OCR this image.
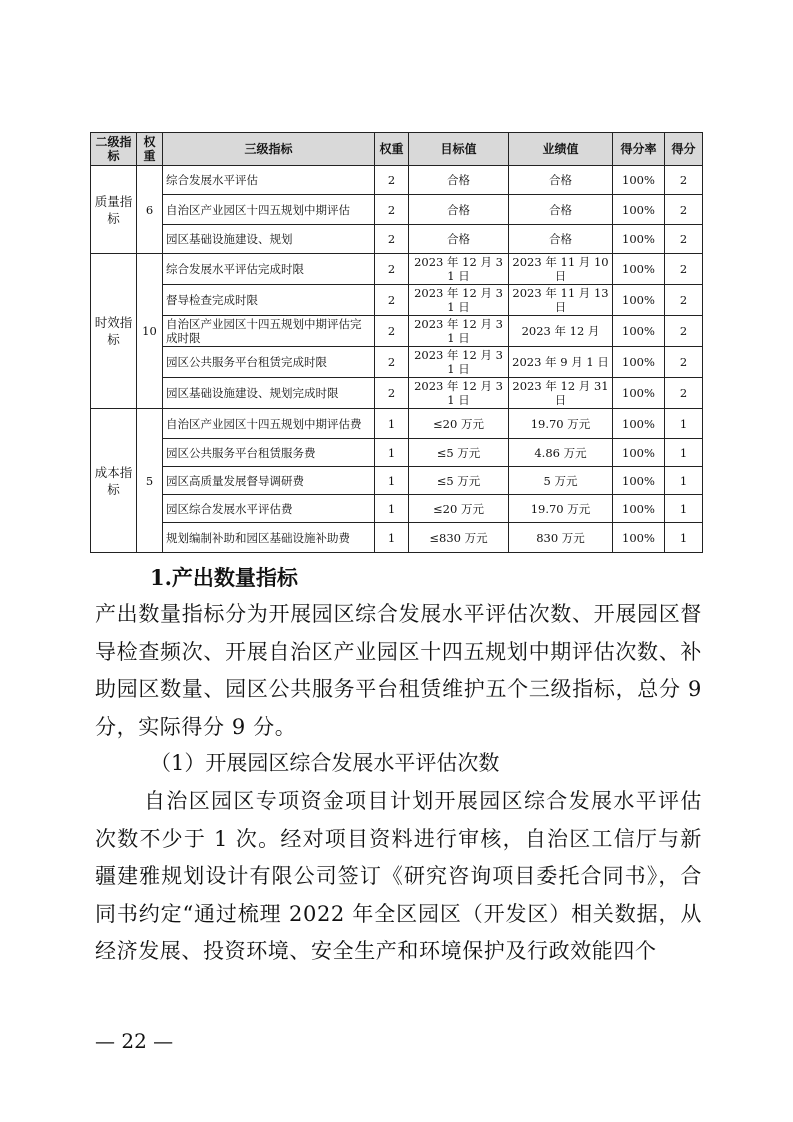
二级指标	权重	三级指标	权重	目标值	业绩值	得分率	得分
质量指标	6	综合发展水平评估	2	合格	合格	100%	2
		自治区产业园区十四五规划中期评估	2	合格	合格	100%	2
		园区基础设施建设、规划	2	合格	合格	100%	2
时效指标	10	综合发展水平评估完成时限	2	2023 年 12 月 31 日	2023 年 11 月 10 日	100%	2
		督导检查完成时限	2	2023 年 12 月 31 日	2023 年 11 月 13 日	100%	2
		自治区产业园区十四五规划中期评估完成时限	2	2023 年 12 月 31 日	2023 年 12 月	100%	2
		园区公共服务平台租赁完成时限	2	2023 年 12 月 31 日	2023 年 9 月 1 日	100%	2
		园区基础设施建设、规划完成时限	2	2023 年 12 月 31 日	2023 年 12 月 31 日	100%	2
成本指标	5	自治区产业园区十四五规划中期评估费	1	≤20 万元	19.70 万元	100%	1
		园区公共服务平台租赁服务费	1	≤5 万元	4.86 万元	100%	1
		园区高质量发展督导调研费	1	≤5 万元	5 万元	100%	1
		园区综合发展水平评估费	1	≤20 万元	19.70 万元	100%	1
		规划编制补助和园区基础设施补助费	1	≤830 万元	830 万元	100%	1
1.产出数量指标
产出数量指标分为开展园区综合发展水平评估次数、开展园区督导检查频次、开展自治区产业园区十四五规划中期评估次数、补助园区数量、园区公共服务平台租赁维护五个三级指标，总分 9 分，实际得分 9 分。
（1）开展园区综合发展水平评估次数
自治区园区专项资金项目计划开展园区综合发展水平评估次数不少于 1 次。经对项目资料进行审核，自治区工信厅与新疆建雅规划设计有限公司签订《研究咨询项目委托合同书》，合同书约定“通过梳理 2022 年全区园区（开发区）相关数据，从经济发展、投资环境、安全生产和环境保护及行政效能四个
— 22 —
